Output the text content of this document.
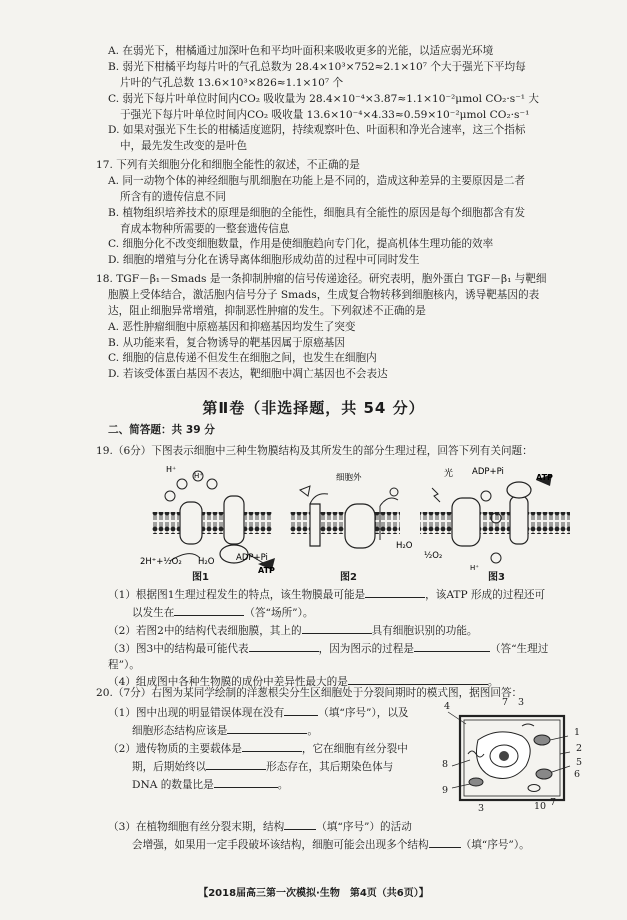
A. 在弱光下，柑橘通过加深叶色和平均叶面积来吸收更多的光能，以适应弱光环境

B. 弱光下柑橘平均每片叶的气孔总数为 28.4×10³×752≈2.1×10⁷ 个大于强光下平均每

片叶的气孔总数 13.6×10³×826≈1.1×10⁷ 个

C. 弱光下每片叶单位时间内CO₂ 吸收量为 28.4×10⁻⁴×3.87≈1.1×10⁻²μmol CO₂·s⁻¹ 大

于强光下每片叶单位时间内CO₂ 吸收量 13.6×10⁻⁴×4.33≈0.59×10⁻²μmol CO₂·s⁻¹

D. 如果对强光下生长的柑橘适度遮阴，持续观察叶色、叶面积和净光合速率，这三个指标

中，最先发生改变的是叶色

17. 下列有关细胞分化和细胞全能性的叙述，不正确的是

A. 同一动物个体的神经细胞与肌细胞在功能上是不同的，造成这种差异的主要原因是二者

所含有的遗传信息不同

B. 植物组织培养技术的原理是细胞的全能性，细胞具有全能性的原因是每个细胞都含有发

育成本物种所需要的一整套遗传信息

C. 细胞分化不改变细胞数量，作用是使细胞趋向专门化，提高机体生理功能的效率

D. 细胞的增殖与分化在诱导离体细胞形成幼苗的过程中可同时发生

18. TGF－β₁－Smads 是一条抑制肿瘤的信号传递途径。研究表明，胞外蛋白 TGF－β₁ 与靶细

胞膜上受体结合，激活胞内信号分子 Smads，生成复合物转移到细胞核内，诱导靶基因的表

达，阻止细胞异常增殖，抑制恶性肿瘤的发生。下列叙述不正确的是

A. 恶性肿瘤细胞中原癌基因和抑癌基因均发生了突变

B. 从功能来看，复合物诱导的靶基因属于原癌基因

C. 细胞的信息传递不但发生在细胞之间，也发生在细胞内

D. 若该受体蛋白基因不表达，靶细胞中凋亡基因也不会表达

第Ⅱ卷（非选择题，共 54 分）
二、简答题：共 39 分

19.（6分）下图表示细胞中三种生物膜结构及其所发生的部分生理过程，回答下列有关问题：

H⁺
H⁺
2H⁺+½O₂ H₂O	ADP+Pi
ATP
细胞外	光 ADP+Pi
ATP
H₂O
½O₂
H⁺
图1	图2	图3

（1）根据图1生理过程发生的特点，该生物膜最可能是	，该ATP 形成的过程还可

以发生在	（答“场所”）。

（2）若图2中的结构代表细胞膜，其上的	具有细胞识别的功能。

（3）图3中的结构最可能代表	，因为图示的过程是	（答“生理过程”）。

（4）组成图中各种生物膜的成份中差异性最大的是	。

20.（7分）右图为某同学绘制的洋葱根尖分生区细胞处于分裂间期时的模式图，据图回答：

（1）图中出现的明显错误体现在没有	（填“序号”），以及

细胞形态结构应该是	。

（2）遗传物质的主要载体是	，它在细胞有丝分裂中

期，后期始终以	形态存在，其后期染色体与

DNA 的数量比是	。

（3）在植物细胞有丝分裂末期，结构	（填“序号”）的活动

会增强，如果用一定手段破坏该结构，细胞可能会出现多个结构	（填“序号”）。

4	7 3
1
2
5
6
8
9
10
3
7
【2018届高三第一次模拟·生物　第4页（共6页）】
